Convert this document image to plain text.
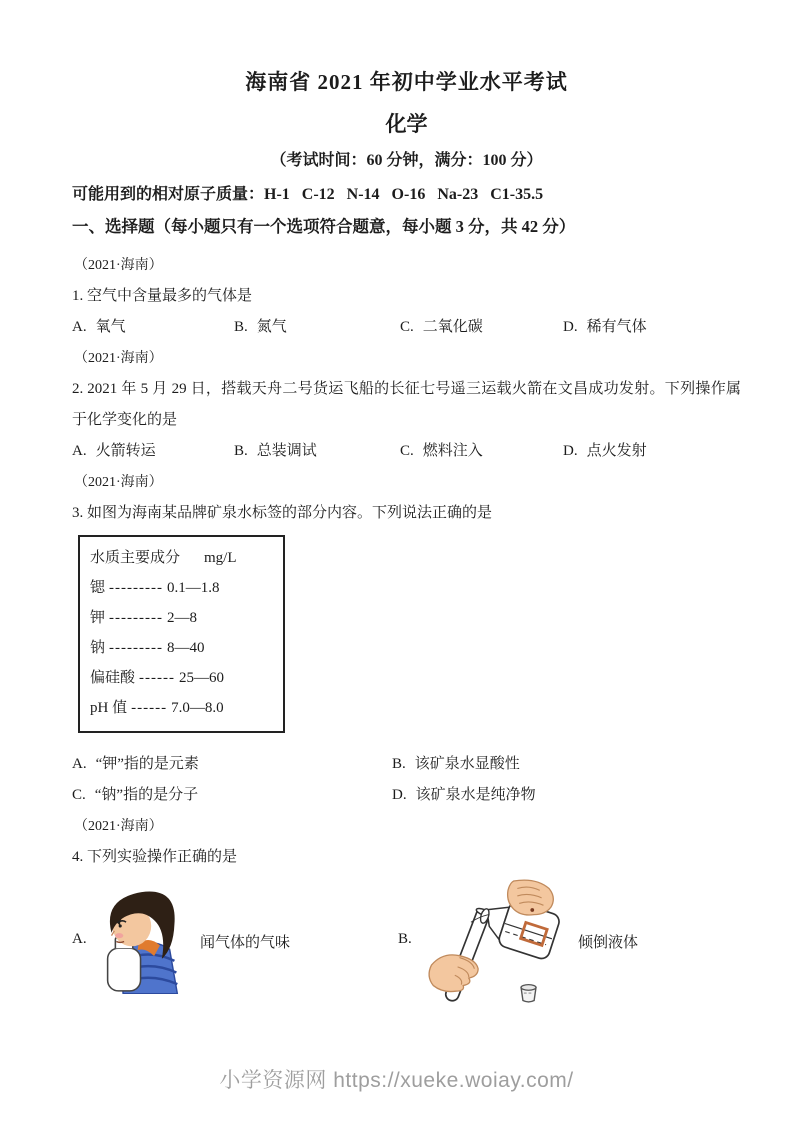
海南省 2021 年初中学业水平考试
化学
（考试时间：60 分钟，满分：100 分）
可能用到的相对原子质量：H-1   C-12   N-14   O-16   Na-23   C1-35.5
一、选择题（每小题只有一个选项符合题意，每小题 3 分，共 42 分）

（2021·海南）

1. 空气中含量最多的气体是

A. 氧气	B. 氮气	C. 二氧化碳	D. 稀有气体

（2021·海南）

2. 2021 年 5 月 29 日，搭载天舟二号货运飞船的长征七号遥三运载火箭在文昌成功发射。下列操作属于化学变化的是

A. 火箭转运	B. 总装调试	C. 燃料注入	D. 点火发射

（2021·海南）

3. 如图为海南某品牌矿泉水标签的部分内容。下列说法正确的是

水质主要成分 mg/L
锶 --------- 0.1—1.8
钾 --------- 2—8
钠 --------- 8—40
偏硅酸 ------ 25—60
pH 值 ------ 7.0—8.0
A. “钾”指的是元素	B. 该矿泉水显酸性
C. “钠”指的是分子	D. 该矿泉水是纯净物

（2021·海南）

4. 下列实验操作正确的是

A.	闻气体的气味	B.	倾倒液体
小学资源网 https://xueke.woiay.com/
